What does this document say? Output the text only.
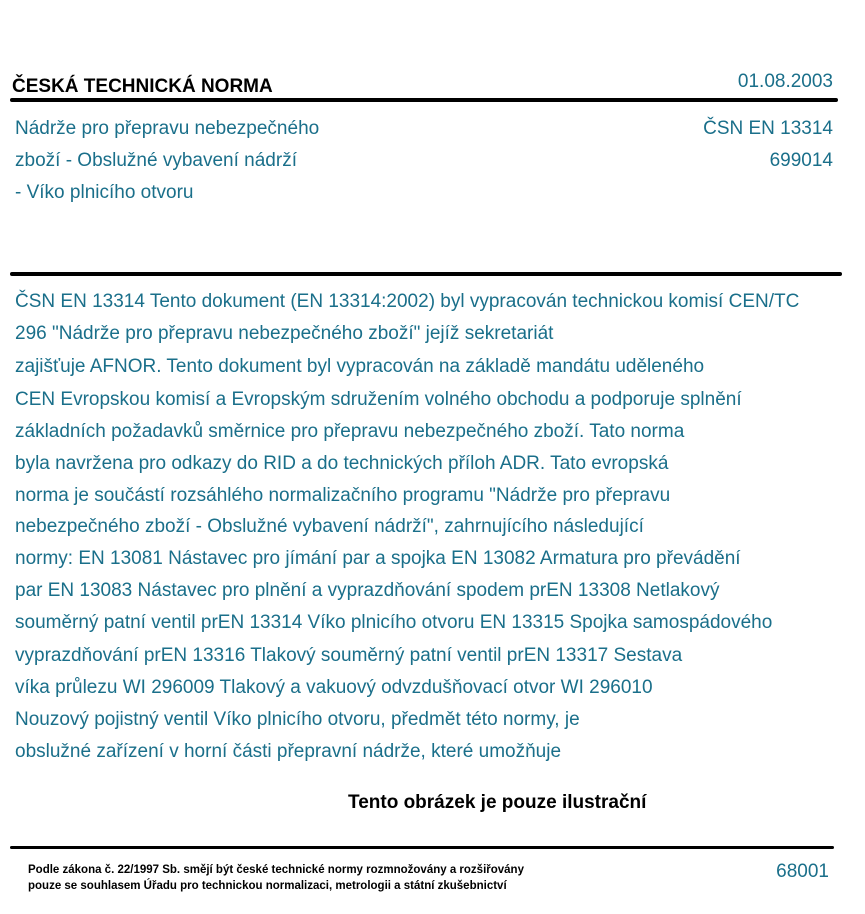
ČESKÁ TECHNICKÁ NORMA	01.08.2003
Nádrže pro přepravu nebezpečného
zboží - Obslužné vybavení nádrží
- Víko plnicího otvoru
ČSN EN 13314
699014
ČSN EN 13314 Tento dokument (EN 13314:2002) byl vypracován technickou komisí CEN/TC
296 "Nádrže pro přepravu nebezpečného zboží" jejíž sekretariát
zajišťuje AFNOR. Tento dokument byl vypracován na základě mandátu uděleného
CEN Evropskou komisí a Evropským sdružením volného obchodu a podporuje splnění
základních požadavků směrnice pro přepravu nebezpečného zboží. Tato norma
byla navržena pro odkazy do RID a do technických příloh ADR. Tato evropská
norma je součástí rozsáhlého normalizačního programu "Nádrže pro přepravu
nebezpečného zboží - Obslužné vybavení nádrží", zahrnujícího následující
normy: EN 13081 Nástavec pro jímání par a spojka EN 13082 Armatura pro převádění
par EN 13083 Nástavec pro plnění a vyprazdňování spodem prEN 13308 Netlakový
souměrný patní ventil prEN 13314 Víko plnicího otvoru EN 13315 Spojka samospádového
vyprazdňování prEN 13316 Tlakový souměrný patní ventil prEN 13317 Sestava
víka průlezu WI 296009 Tlakový a vakuový odvzdušňovací otvor WI 296010
Nouzový pojistný ventil Víko plnicího otvoru, předmět této normy, je
obslužné zařízení v horní části přepravní nádrže, které umožňuje
Tento obrázek je pouze ilustrační
Podle zákona č. 22/1997 Sb. smějí být české technické normy rozmnožovány a rozšiřovány
pouze se souhlasem Úřadu pro technickou normalizaci, metrologii a státní zkušebnictví
68001
